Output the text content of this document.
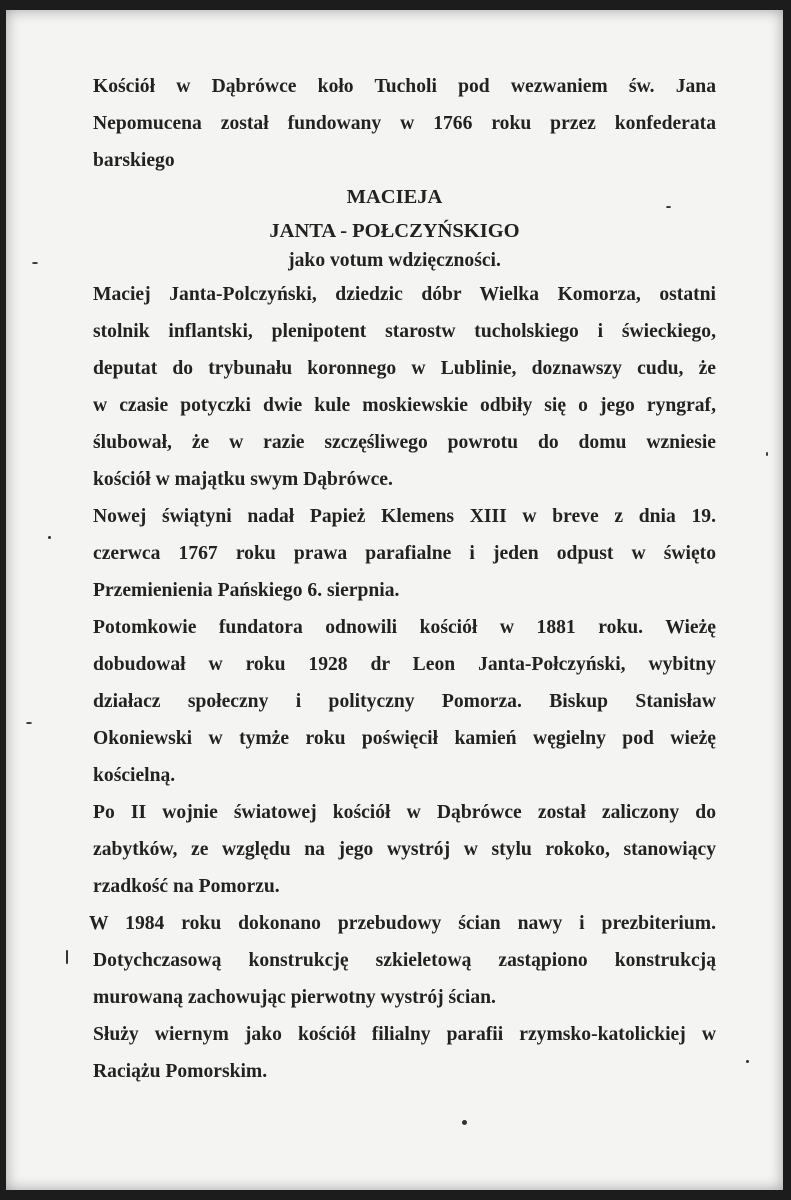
Kościół w Dąbrówce koło Tucholi pod wezwaniem św. Jana
Nepomucena został fundowany w 1766 roku przez konfederata
barskiego
MACIEJA
JANTA - POŁCZYŃSKIGO
jako votum wdzięczności.
Maciej Janta-Polczyński, dziedzic dóbr Wielka Komorza, ostatni
stolnik inflantski, plenipotent starostw tucholskiego i świeckiego,
deputat do trybunału koronnego w Lublinie, doznawszy cudu, że
w czasie potyczki dwie kule moskiewskie odbiły się o jego ryngraf,
ślubował, że w razie szczęśliwego powrotu do domu wzniesie
kościół w majątku swym Dąbrówce.
Nowej świątyni nadał Papież Klemens XIII w breve z dnia 19.
czerwca 1767 roku prawa parafialne i jeden odpust w święto
Przemienienia Pańskiego 6. sierpnia.
Potomkowie fundatora odnowili kościół w 1881 roku. Wieżę
dobudował w roku 1928 dr Leon Janta-Połczyński, wybitny
działacz społeczny i polityczny Pomorza. Biskup Stanisław
Okoniewski w tymże roku poświęcił kamień węgielny pod wieżę
kościelną.
Po II wojnie światowej kościół w Dąbrówce został zaliczony do
zabytków, ze względu na jego wystrój w stylu rokoko, stanowiący
rzadkość na Pomorzu.
W 1984 roku dokonano przebudowy ścian nawy i prezbiterium.
Dotychczasową konstrukcję szkieletową zastąpiono konstrukcją
murowaną zachowując pierwotny wystrój ścian.
Służy wiernym jako kościół filialny parafii rzymsko-katolickiej w
Raciążu Pomorskim.
